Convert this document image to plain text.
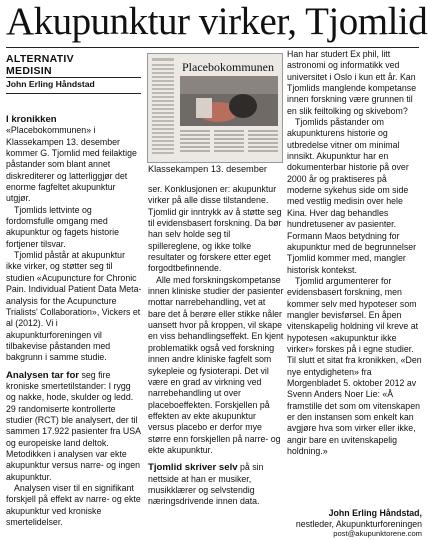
Akupunktur virker, Tjomlid
ALTERNATIV
MEDISIN
John Erling Håndstad

I kronikken «Placebokommunen» i Klassekampen 13. desember kommer G. Tjomlid med feilaktige påstander som blant annet diskrediterer og latterliggjør det enorme fagfeltet akupunktur utgjør.

Tjomlids lettvinte og fordomsfulle omgang med akupunktur og fagets historie fortjener tilsvar.

Tjomlid påstår at akupunktur ikke virker, og støtter seg til studien «Acupuncture for Chronic Pain. Individual Patient Data Meta-analysis for the Acupuncture Trialists' Collaboration», Vickers et al (2012). Vi i akupunkturforeningen vil tilbakevise påstanden med bakgrunn i samme studie.

Analysen tar for seg fire kroniske smertetilstander: I rygg og nakke, hode, skulder og ledd. 29 randomiserte kontrollerte studier (RCT) ble analysert, der til sammen 17.922 pasienter fra USA og europeiske land deltok. Metodikken i analysen var ekte akupunktur versus narre- og ingen akupunktur.

Analysen viser til en signifikant forskjell på effekt av narre- og ekte akupunktur ved kroniske smertelidelser.

Placebokommunen
Klassekampen 13. desember

ser. Konklusjonen er: akupunktur virker på alle disse tilstandene. Tjomlid gir inntrykk av å støtte seg til evidensbasert forskning. Da bør han selv holde seg til spillereglene, og ikke tolke resultater og forskere etter eget forgodtbefinnende.

Alle med forskningskompetanse innen kliniske studier der pasienter mottar narrebehandling, vet at bare det å berøre eller stikke nåler uansett hvor på kroppen, vil skape en viss behandlingseffekt. En kjent problematikk også ved forskning innen andre kliniske fagfelt som sykepleie og fysioterapi. Det vil være en grad av virkning ved narrebehandling ut over placeboeffekten. Forskjellen på effekten av ekte akupunktur versus placebo er derfor mye større enn forskjellen på narre- og ekte akupunktur.

Tjomlid skriver selv på sin nettside at han er musiker, musikklærer og selvstendig næringsdrivende innen data.

Han har studert Ex phil, litt astronomi og informatikk ved universitet i Oslo i kun ett år. Kan Tjomlids manglende kompetanse innen forskning være grunnen til en slik feiltolking og skivebom?

Tjomlids påstander om akupunkturens historie og utbredelse vitner om minimal innsikt. Akupunktur har en dokumenterbar historie på over 2000 år og praktiseres på moderne sykehus side om side med vestlig medisin over hele Kina. Hver dag behandles hundretusener av pasienter. Formann Maos betydning for akupunktur med de begrunnelser Tjomlid kommer med, mangler historisk kontekst.

Tjomlid argumenterer for evidensbasert forskning, men kommer selv med hypoteser som mangler bevisførsel. En åpen vitenskapelig holdning vil kreve at hypotesen «akupunktur ikke virker» forskes på i egne studier. Til slutt et sitat fra kronikken, «Den nye entydigheten» fra Morgenbladet 5. oktober 2012 av Svenn Anders Noer Lie: «Å framstille det som om vitenskapen er den instansen som enkelt kan avgjøre hva som virker eller ikke, angir bare en uvitenskapelig holdning.»

John Erling Håndstad,
nestleder, Akupunkturforeningen
post@akupunktorene.com
